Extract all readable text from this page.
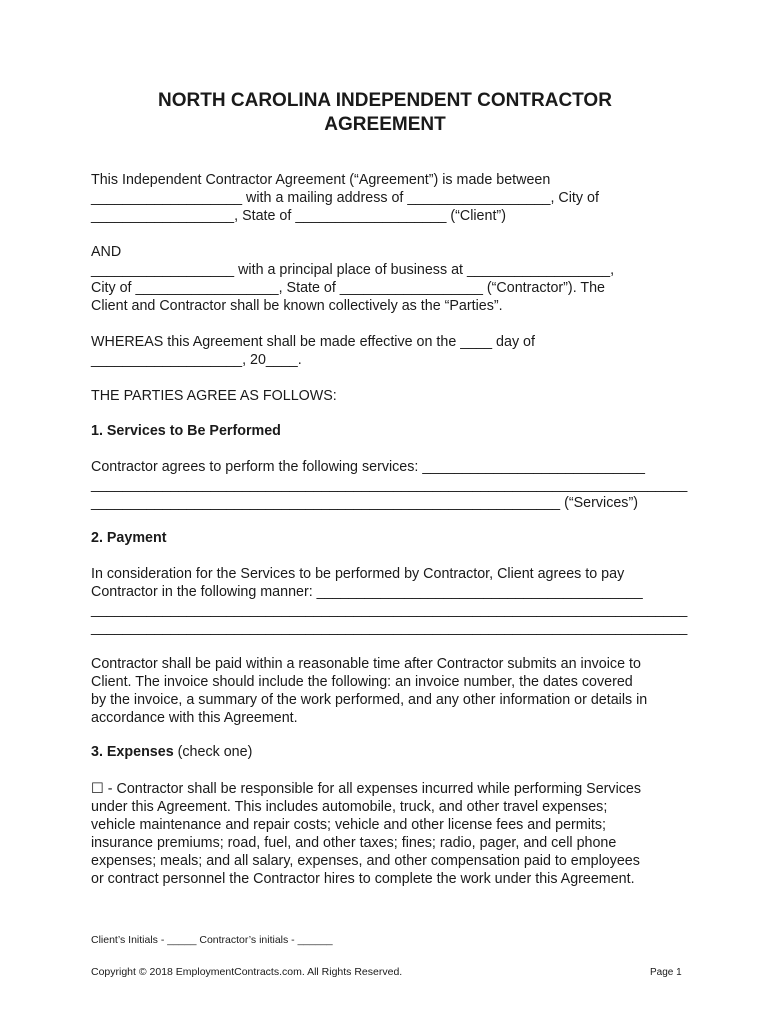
NORTH CAROLINA INDEPENDENT CONTRACTOR
AGREEMENT
This Independent Contractor Agreement (“Agreement”) is made between
___________________ with a mailing address of __________________, City of
__________________, State of ___________________ (“Client”)
AND
__________________ with a principal place of business at __________________,
City of __________________, State of __________________ (“Contractor”). The
Client and Contractor shall be known collectively as the “Parties”.
WHEREAS this Agreement shall be made effective on the ____ day of
___________________, 20____.
THE PARTIES AGREE AS FOLLOWS:
1. Services to Be Performed
Contractor agrees to perform the following services: ____________________________
___________________________________________________________________________
___________________________________________________________ (“Services”)
2. Payment
In consideration for the Services to be performed by Contractor, Client agrees to pay
Contractor in the following manner: _________________________________________
___________________________________________________________________________
___________________________________________________________________________
Contractor shall be paid within a reasonable time after Contractor submits an invoice to
Client. The invoice should include the following: an invoice number, the dates covered
by the invoice, a summary of the work performed, and any other information or details in
accordance with this Agreement.
3. Expenses (check one)
☐ - Contractor shall be responsible for all expenses incurred while performing Services
under this Agreement. This includes automobile, truck, and other travel expenses;
vehicle maintenance and repair costs; vehicle and other license fees and permits;
insurance premiums; road, fuel, and other taxes; fines; radio, pager, and cell phone
expenses; meals; and all salary, expenses, and other compensation paid to employees
or contract personnel the Contractor hires to complete the work under this Agreement.
Client’s Initials - _____ Contractor’s initials - ______
Copyright © 2018 EmploymentContracts.com. All Rights Reserved.	Page 1
